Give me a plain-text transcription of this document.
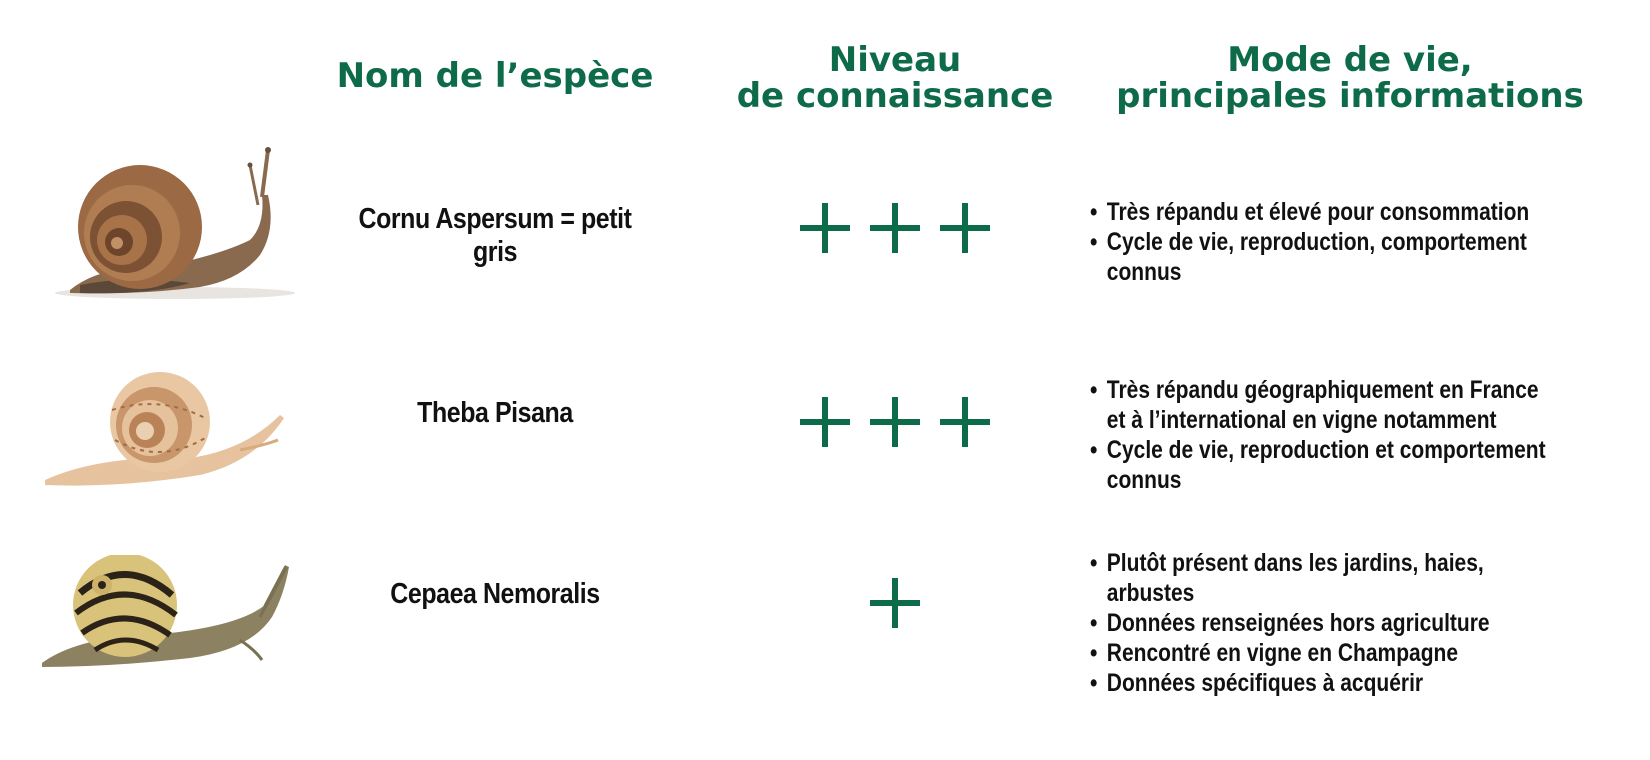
Nom de l’espèce	Niveau
de connaissance
Mode de vie,
principales informations
Cornu Aspersum = petit gris
• Très répandu et élevé pour consommation
• Cycle de vie, reproduction, comportement connus
Theba Pisana
• Très répandu géographiquement en France
et à l’international en vigne notamment
• Cycle de vie, reproduction et comportement connus
Cepaea Nemoralis
• Plutôt présent dans les jardins, haies, arbustes
• Données renseignées hors agriculture
• Rencontré en vigne en Champagne
• Données spécifiques à acquérir
